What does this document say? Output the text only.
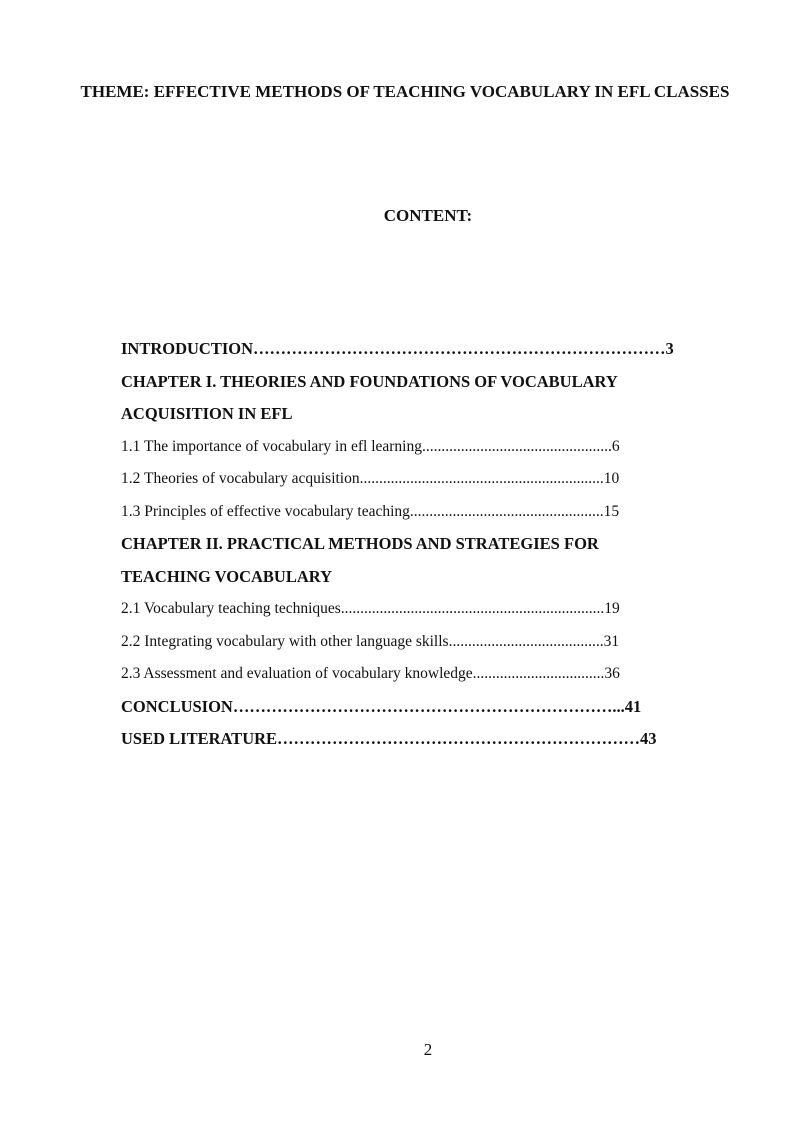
THEME: EFFECTIVE METHODS OF TEACHING VOCABULARY IN EFL CLASSES
CONTENT:
INTRODUCTION…………………………………………………………………3
CHAPTER I. THEORIES AND FOUNDATIONS OF VOCABULARY
ACQUISITION IN EFL
1.1 The importance of vocabulary in efl learning.................................................6
1.2 Theories of vocabulary acquisition...............................................................10
1.3 Principles of effective vocabulary teaching..................................................15
CHAPTER II. PRACTICAL METHODS AND STRATEGIES FOR
TEACHING VOCABULARY
2.1 Vocabulary teaching techniques....................................................................19
2.2 Integrating vocabulary with other language skills........................................31
2.3 Assessment and evaluation of vocabulary knowledge..................................36
CONCLUSION……………………………………………………………...41
USED LITERATURE…………………………………………………………43
2
